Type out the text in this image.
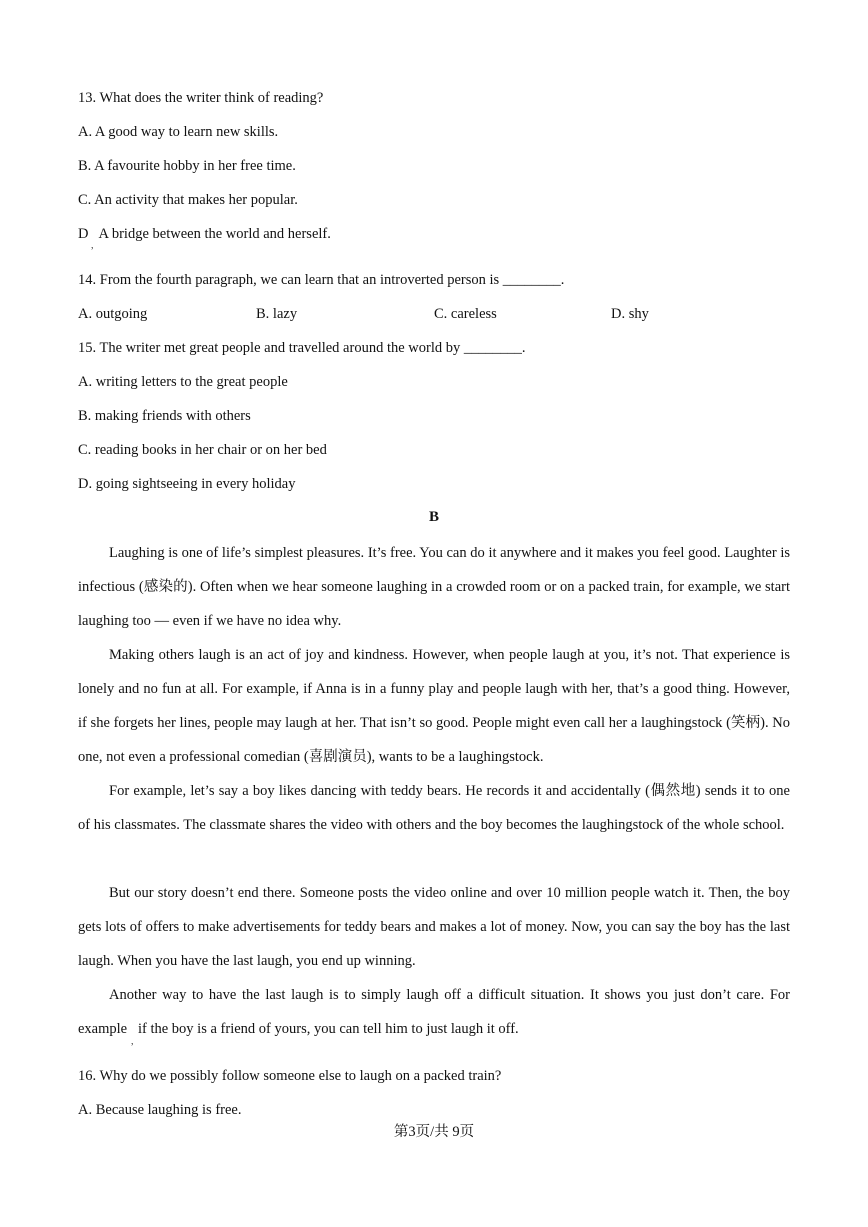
13. What does the writer think of reading?
A. A good way to learn new skills.
B. A favourite hobby in her free time.
C. An activity that makes her popular.
D   A bridge between the world and herself.
,
14. From the fourth paragraph, we can learn that an introverted person is ________.
A. outgoing	B. lazy	C. careless	D. shy
15. The writer met great people and travelled around the world by ________.
A. writing letters to the great people
B. making friends with others
C. reading books in her chair or on her bed
D. going sightseeing in every holiday
B
Laughing is one of life’s simplest pleasures. It’s free. You can do it anywhere and it makes you feel good. Laughter is infectious (感染的). Often when we hear someone laughing in a crowded room or on a packed train, for example, we start laughing too — even if we have no idea why.
Making others laugh is an act of joy and kindness. However, when people laugh at you, it’s not. That experience is lonely and no fun at all. For example, if Anna is in a funny play and people laugh with her, that’s a good thing. However, if she forgets her lines, people may laugh at her. That isn’t so good. People might even call her a laughingstock (笑柄). No one, not even a professional comedian (喜剧演员), wants to be a laughingstock.
For example, let’s say a boy likes dancing with teddy bears. He records it and accidentally (偶然地) sends it to one of his classmates. The classmate shares the video with others and the boy becomes the laughingstock of the whole school.
But our story doesn’t end there. Someone posts the video online and over 10 million people watch it. Then, the boy gets lots of offers to make advertisements for teddy bears and makes a lot of money. Now, you can say the boy has the last laugh. When you have the last laugh, you end up winning.
Another way to have the last laugh is to simply laugh off a difficult situation. It shows you just don’t care. For example   if the boy is a friend of yours, you can tell him to just laugh it off.
,
16. Why do we possibly follow someone else to laugh on a packed train?
A. Because laughing is free.
第3页/共 9页
